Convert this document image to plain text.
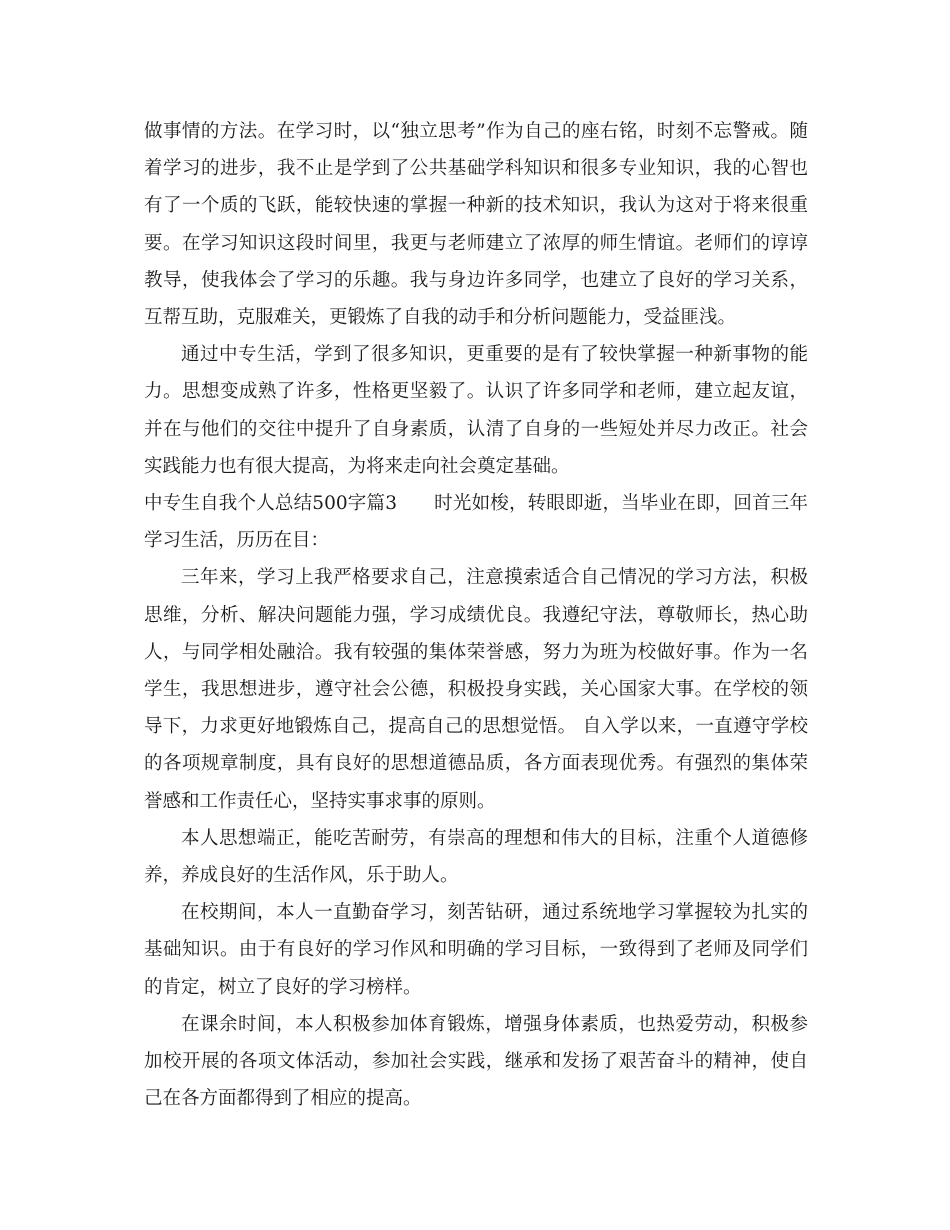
做事情的方法。在学习时，以“独立思考”作为自己的座右铭，时刻不忘警戒。随着学习的进步，我不止是学到了公共基础学科知识和很多专业知识，我的心智也有了一个质的飞跃，能较快速的掌握一种新的技术知识，我认为这对于将来很重要。在学习知识这段时间里，我更与老师建立了浓厚的师生情谊。老师们的谆谆教导，使我体会了学习的乐趣。我与身边许多同学，也建立了良好的学习关系，互帮互助，克服难关，更锻炼了自我的动手和分析问题能力，受益匪浅。

通过中专生活，学到了很多知识，更重要的是有了较快掌握一种新事物的能力。思想变成熟了许多，性格更坚毅了。认识了许多同学和老师，建立起友谊，并在与他们的交往中提升了自身素质，认清了自身的一些短处并尽力改正。社会实践能力也有很大提高，为将来走向社会奠定基础。

中专生自我个人总结500字篇3 时光如梭，转眼即逝，当毕业在即，回首三年学习生活，历历在目：

三年来，学习上我严格要求自己，注意摸索适合自己情况的学习方法，积极思维，分析、解决问题能力强，学习成绩优良。我遵纪守法，尊敬师长，热心助人，与同学相处融洽。我有较强的集体荣誉感，努力为班为校做好事。作为一名学生，我思想进步，遵守社会公德，积极投身实践，关心国家大事。在学校的领导下，力求更好地锻炼自己，提高自己的思想觉悟。 自入学以来，一直遵守学校的各项规章制度，具有良好的思想道德品质，各方面表现优秀。有强烈的集体荣誉感和工作责任心，坚持实事求事的原则。

本人思想端正，能吃苦耐劳，有崇高的理想和伟大的目标，注重个人道德修养，养成良好的生活作风，乐于助人。

在校期间，本人一直勤奋学习，刻苦钻研，通过系统地学习掌握较为扎实的基础知识。由于有良好的学习作风和明确的学习目标，一致得到了老师及同学们的肯定，树立了良好的学习榜样。

在课余时间，本人积极参加体育锻炼，增强身体素质，也热爱劳动，积极参加校开展的各项文体活动，参加社会实践，继承和发扬了艰苦奋斗的精神，使自己在各方面都得到了相应的提高。
